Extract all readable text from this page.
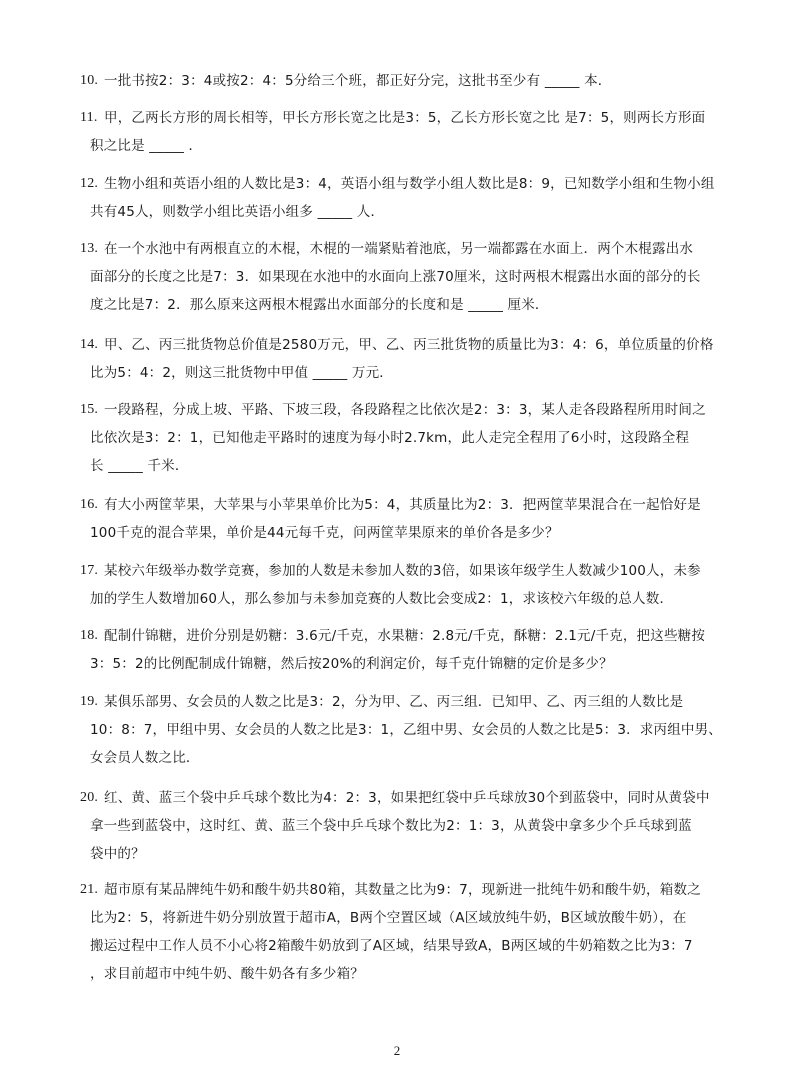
10. 一批书按2：3：4或按2：4：5分给三个班，都正好分完，这批书至少有 _____ 本．
11. 甲，乙两长方形的周长相等，甲长方形长宽之比是3：5，乙长方形长宽之比 是7：5，则两长方形面
积之比是 _____ ．
12. 生物小组和英语小组的人数比是3：4，英语小组与数学小组人数比是8：9，已知数学小组和生物小组
共有45人，则数学小组比英语小组多 _____ 人．
13. 在一个水池中有两根直立的木棍，木棍的一端紧贴着池底，另一端都露在水面上．两个木棍露出水
面部分的长度之比是7：3．如果现在水池中的水面向上涨70厘米，这时两根木棍露出水面的部分的长
度之比是7：2．那么原来这两根木棍露出水面部分的长度和是 _____ 厘米．
14. 甲、乙、丙三批货物总价值是2580万元，甲、乙、丙三批货物的质量比为3：4：6，单位质量的价格
比为5：4：2，则这三批货物中甲值 _____ 万元．
15. 一段路程，分成上坡、平路、下坡三段，各段路程之比依次是2：3：3，某人走各段路程所用时间之
比依次是3：2：1，已知他走平路时的速度为每小时2.7km，此人走完全程用了6小时，这段路全程
长 _____ 千米．
16. 有大小两筐苹果，大苹果与小苹果单价比为5：4，其质量比为2：3．把两筐苹果混合在一起恰好是
100千克的混合苹果，单价是44元每千克，问两筐苹果原来的单价各是多少？
17. 某校六年级举办数学竞赛，参加的人数是未参加人数的3倍，如果该年级学生人数减少100人，未参
加的学生人数增加60人，那么参加与未参加竞赛的人数比会变成2：1，求该校六年级的总人数．
18. 配制什锦糖，进价分别是奶糖：3.6元/千克，水果糖：2.8元/千克，酥糖：2.1元/千克，把这些糖按
3：5：2的比例配制成什锦糖，然后按20%的利润定价，每千克什锦糖的定价是多少？
19. 某俱乐部男、女会员的人数之比是3：2，分为甲、乙、丙三组．已知甲、乙、丙三组的人数比是
10：8：7，甲组中男、女会员的人数之比是3：1，乙组中男、女会员的人数之比是5：3．求丙组中男、
女会员人数之比．
20. 红、黄、蓝三个袋中乒乓球个数比为4：2：3，如果把红袋中乒乓球放30个到蓝袋中，同时从黄袋中
拿一些到蓝袋中，这时红、黄、蓝三个袋中乒乓球个数比为2：1：3，从黄袋中拿多少个乒乓球到蓝
袋中的？
21. 超市原有某品牌纯牛奶和酸牛奶共80箱，其数量之比为9：7，现新进一批纯牛奶和酸牛奶，箱数之
比为2：5，将新进牛奶分别放置于超市A，B两个空置区域（A区域放纯牛奶，B区域放酸牛奶），在
搬运过程中工作人员不小心将2箱酸牛奶放到了A区域，结果导致A，B两区域的牛奶箱数之比为3：7
，求目前超市中纯牛奶、酸牛奶各有多少箱？
2
